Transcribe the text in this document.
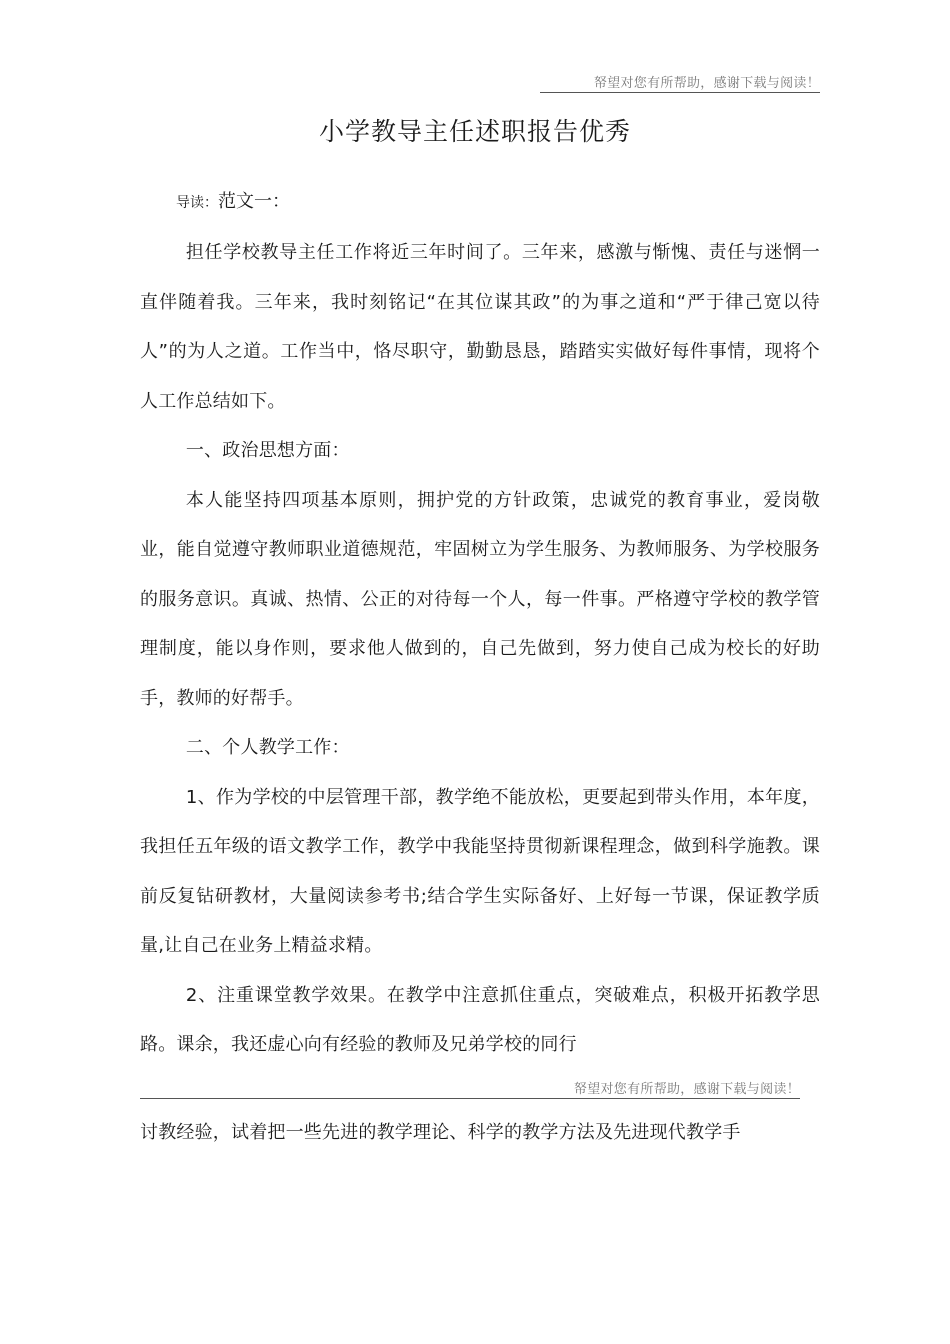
帑望对您有所帮助，感谢下载与阅读！
小学教导主任述职报告优秀
导读：范文一：

担任学校教导主任工作将近三年时间了。三年来，感激与惭愧、责任与迷惘一直伴随着我。三年来，我时刻铭记“在其位谋其政”的为事之道和“严于律己宽以待人”的为人之道。工作当中，恪尽职守，勤勤恳恳，踏踏实实做好每件事情，现将个人工作总结如下。

一、政治思想方面：

本人能坚持四项基本原则，拥护党的方针政策，忠诚党的教育事业，爱岗敬业，能自觉遵守教师职业道德规范，牢固树立为学生服务、为教师服务、为学校服务的服务意识。真诚、热情、公正的对待每一个人，每一件事。严格遵守学校的教学管理制度，能以身作则，要求他人做到的，自己先做到，努力使自己成为校长的好助手，教师的好帮手。

二、个人教学工作：

1、作为学校的中层管理干部，教学绝不能放松，更要起到带头作用，本年度，我担任五年级的语文教学工作，教学中我能坚持贯彻新课程理念，做到科学施教。课前反复钻研教材，大量阅读参考书;结合学生实际备好、上好每一节课，保证教学质量,让自己在业务上精益求精。

2、注重课堂教学效果。在教学中注意抓住重点，突破难点，积极开拓教学思路。课余，我还虚心向有经验的教师及兄弟学校的同行

帑望对您有所帮助，感谢下载与阅读！
讨教经验，试着把一些先进的教学理论、科学的教学方法及先进现代教学手
